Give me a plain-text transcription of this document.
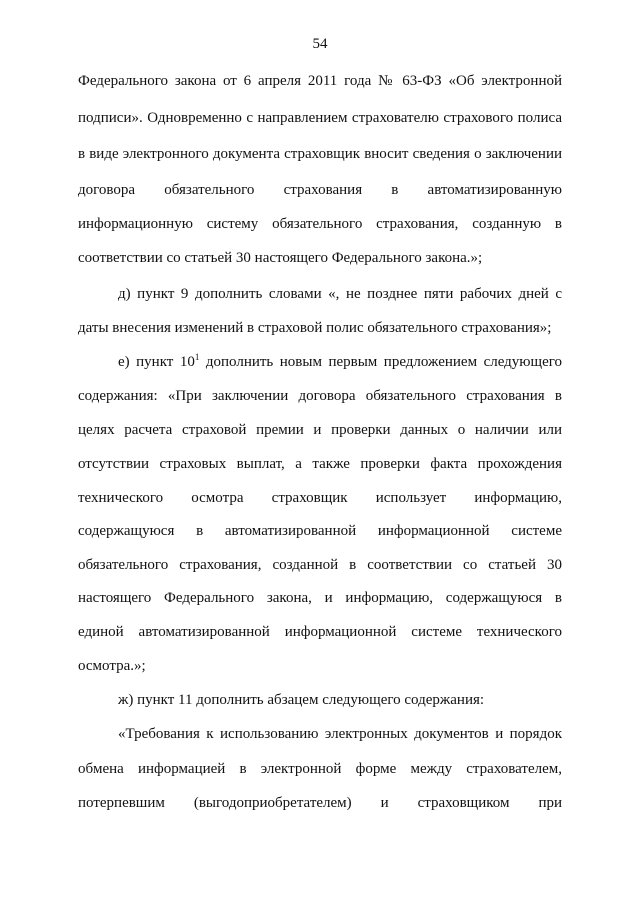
54
Федерального закона от 6 апреля 2011 года № 63-ФЗ «Об электронной
подписи». Одновременно с направлением страхователю страхового полиса
в виде электронного документа страховщик вносит сведения о заключении
договора обязательного страхования в автоматизированную
информационную систему обязательного страхования, созданную в
соответствии со статьей 30 настоящего Федерального закона.»;
д) пункт 9 дополнить словами «, не позднее пяти рабочих дней с
даты внесения изменений в страховой полис обязательного страхования»;
е) пункт $10^1$ дополнить новым первым предложением следующего
содержания: «При заключении договора обязательного страхования в
целях расчета страховой премии и проверки данных о наличии или
отсутствии страховых выплат, а также проверки факта прохождения
технического осмотра страховщик использует информацию,
содержащуюся в автоматизированной информационной системе
обязательного страхования, созданной в соответствии со статьей 30
настоящего Федерального закона, и информацию, содержащуюся в
единой автоматизированной информационной системе технического
осмотра.»;
ж) пункт 11 дополнить абзацем следующего содержания:
«Требования к использованию электронных документов и порядок
обмена информацией в электронной форме между страхователем,
потерпевшим (выгодоприобретателем) и страховщиком при
